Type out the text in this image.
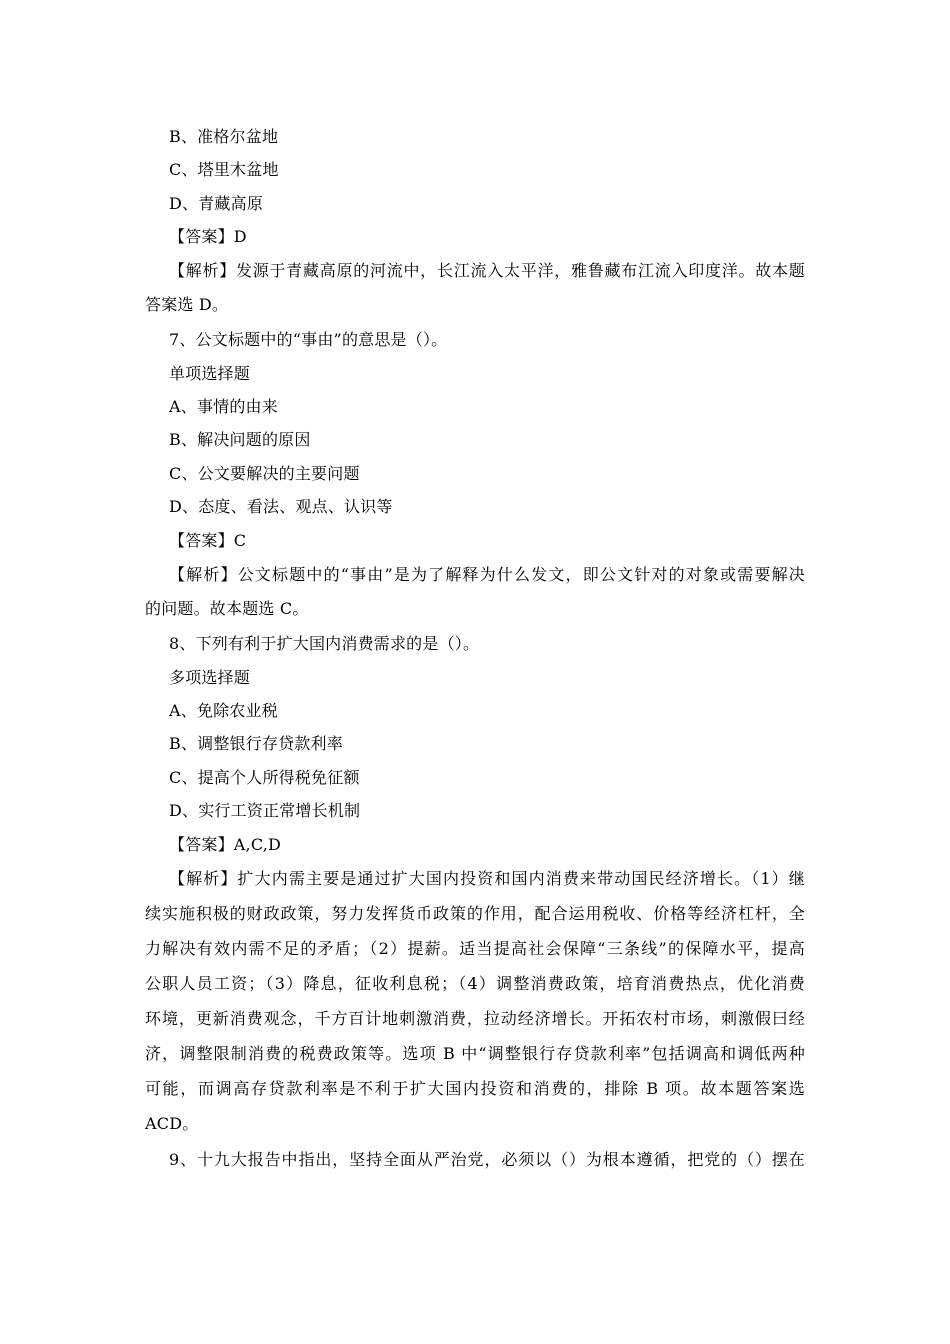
B、准格尔盆地
C、塔里木盆地
D、青藏高原
【答案】D
【解析】发源于青藏高原的河流中，长江流入太平洋，雅鲁藏布江流入印度洋。故本题
答案选 D。
7、公文标题中的“事由”的意思是（）。
单项选择题
A、事情的由来
B、解决问题的原因
C、公文要解决的主要问题
D、态度、看法、观点、认识等
【答案】C
【解析】公文标题中的“事由”是为了解释为什么发文，即公文针对的对象或需要解决
的问题。故本题选 C。
8、下列有利于扩大国内消费需求的是（）。
多项选择题
A、免除农业税
B、调整银行存贷款利率
C、提高个人所得税免征额
D、实行工资正常增长机制
【答案】A,C,D
【解析】扩大内需主要是通过扩大国内投资和国内消费来带动国民经济增长。（1）继
续实施积极的财政政策，努力发挥货币政策的作用，配合运用税收、价格等经济杠杆，全
力解决有效内需不足的矛盾；（2）提薪。适当提高社会保障“三条线”的保障水平，提高
公职人员工资；（3）降息，征收利息税；（4）调整消费政策，培育消费热点，优化消费
环境，更新消费观念，千方百计地刺激消费，拉动经济增长。开拓农村市场，刺激假曰经
济，调整限制消费的税费政策等。选项 B 中“调整银行存贷款利率”包括调高和调低两种
可能，而调高存贷款利率是不利于扩大国内投资和消费的，排除 B 项。故本题答案选
ACD。
9、十九大报告中指出，坚持全面从严治党，必须以（）为根本遵循，把党的（）摆在
